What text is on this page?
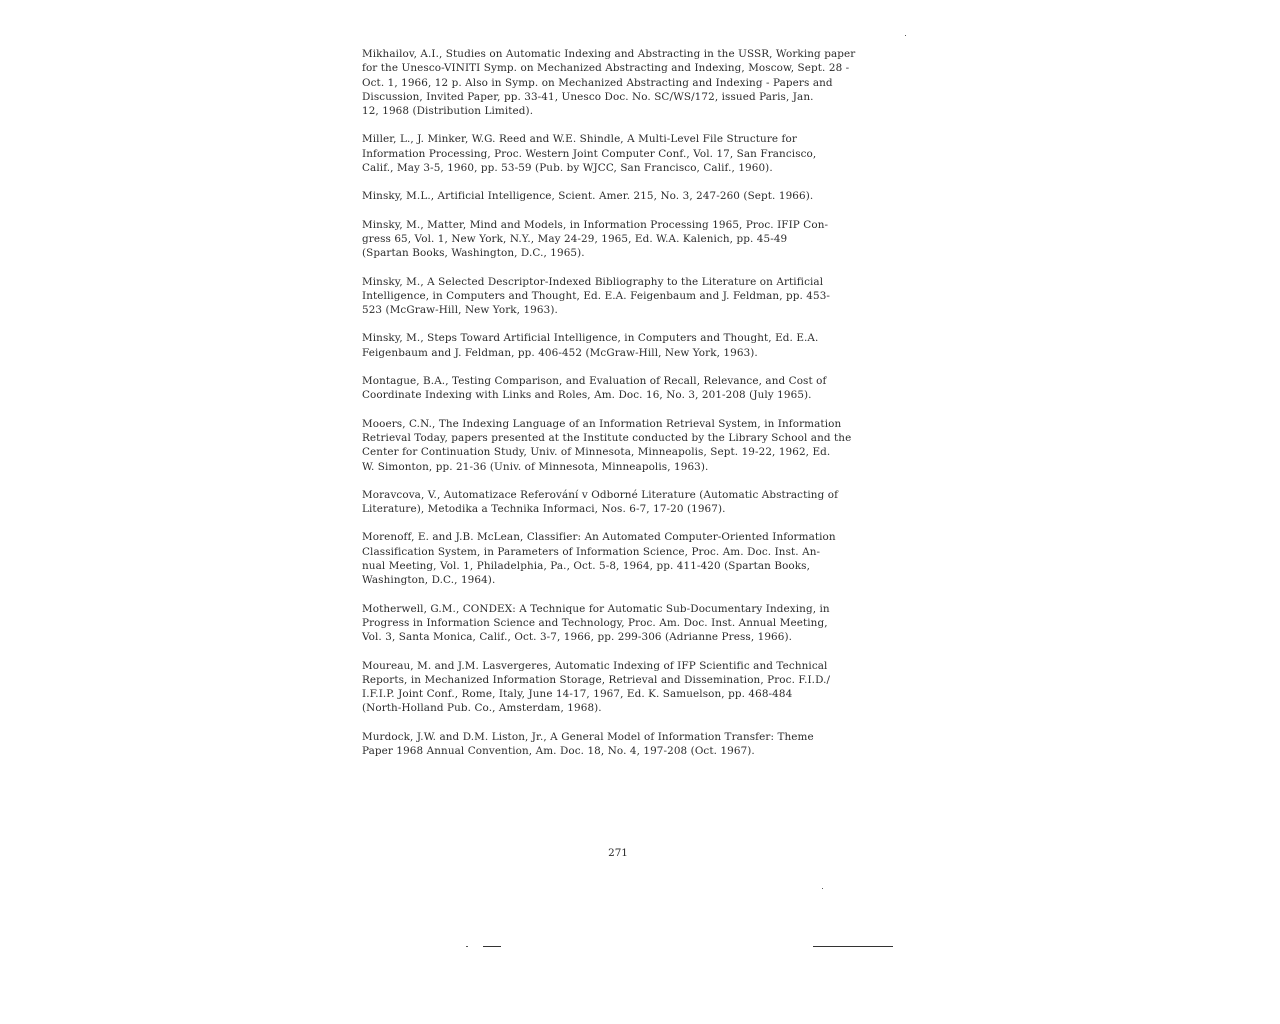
Mikhailov, A.I., Studies on Automatic Indexing and Abstracting in the USSR, Working paper
for the Unesco-VINITI Symp. on Mechanized Abstracting and Indexing, Moscow, Sept. 28 -
Oct. 1, 1966, 12 p. Also in Symp. on Mechanized Abstracting and Indexing - Papers and
Discussion, Invited Paper, pp. 33-41, Unesco Doc. No. SC/WS/172, issued Paris, Jan.
12, 1968 (Distribution Limited).
Miller, L., J. Minker, W.G. Reed and W.E. Shindle, A Multi-Level File Structure for
Information Processing, Proc. Western Joint Computer Conf., Vol. 17, San Francisco,
Calif., May 3-5, 1960, pp. 53-59 (Pub. by WJCC, San Francisco, Calif., 1960).
Minsky, M.L., Artificial Intelligence, Scient. Amer. 215, No. 3, 247-260 (Sept. 1966).
Minsky, M., Matter, Mind and Models, in Information Processing 1965, Proc. IFIP Con-
gress 65, Vol. 1, New York, N.Y., May 24-29, 1965, Ed. W.A. Kalenich, pp. 45-49
(Spartan Books, Washington, D.C., 1965).
Minsky, M., A Selected Descriptor-Indexed Bibliography to the Literature on Artificial
Intelligence, in Computers and Thought, Ed. E.A. Feigenbaum and J. Feldman, pp. 453-
523 (McGraw-Hill, New York, 1963).
Minsky, M., Steps Toward Artificial Intelligence, in Computers and Thought, Ed. E.A.
Feigenbaum and J. Feldman, pp. 406-452 (McGraw-Hill, New York, 1963).
Montague, B.A., Testing Comparison, and Evaluation of Recall, Relevance, and Cost of
Coordinate Indexing with Links and Roles, Am. Doc. 16, No. 3, 201-208 (July 1965).
Mooers, C.N., The Indexing Language of an Information Retrieval System, in Information
Retrieval Today, papers presented at the Institute conducted by the Library School and the
Center for Continuation Study, Univ. of Minnesota, Minneapolis, Sept. 19-22, 1962, Ed.
W. Simonton, pp. 21-36 (Univ. of Minnesota, Minneapolis, 1963).
Moravcova, V., Automatizace Referování v Odborné Literature (Automatic Abstracting of
Literature), Metodika a Technika Informaci, Nos. 6-7, 17-20 (1967).
Morenoff, E. and J.B. McLean, Classifier: An Automated Computer-Oriented Information
Classification System, in Parameters of Information Science, Proc. Am. Doc. Inst. An-
nual Meeting, Vol. 1, Philadelphia, Pa., Oct. 5-8, 1964, pp. 411-420 (Spartan Books,
Washington, D.C., 1964).
Motherwell, G.M., CONDEX: A Technique for Automatic Sub-Documentary Indexing, in
Progress in Information Science and Technology, Proc. Am. Doc. Inst. Annual Meeting,
Vol. 3, Santa Monica, Calif., Oct. 3-7, 1966, pp. 299-306 (Adrianne Press, 1966).
Moureau, M. and J.M. Lasvergeres, Automatic Indexing of IFP Scientific and Technical
Reports, in Mechanized Information Storage, Retrieval and Dissemination, Proc. F.I.D./
I.F.I.P. Joint Conf., Rome, Italy, June 14-17, 1967, Ed. K. Samuelson, pp. 468-484
(North-Holland Pub. Co., Amsterdam, 1968).
Murdock, J.W. and D.M. Liston, Jr., A General Model of Information Transfer: Theme
Paper 1968 Annual Convention, Am. Doc. 18, No. 4, 197-208 (Oct. 1967).
271
